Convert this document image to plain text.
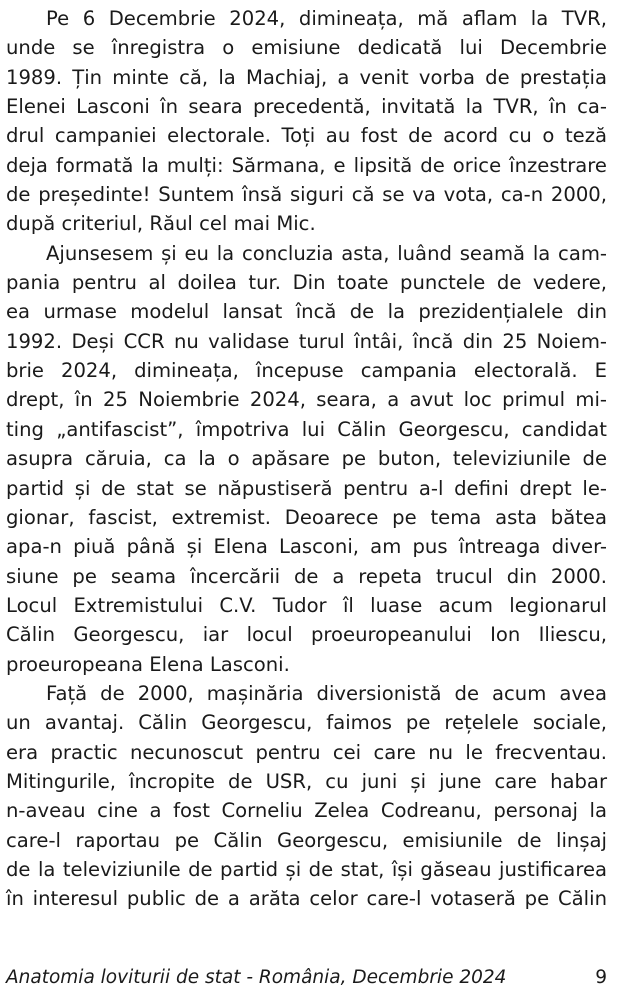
Pe 6 Decembrie 2024, dimineața, mă aflam la TVR,
unde se înregistra o emisiune dedicată lui Decembrie
1989. Țin minte că, la Machiaj, a venit vorba de prestația
Elenei Lasconi în seara precedentă, invitată la TVR, în ca-
drul campaniei electorale. Toți au fost de acord cu o teză
deja formată la mulți: Sărmana, e lipsită de orice înzestrare
de președinte! Suntem însă siguri că se va vota, ca-n 2000,
după criteriul, Răul cel mai Mic.
Ajunsesem și eu la concluzia asta, luând seamă la cam-
pania pentru al doilea tur. Din toate punctele de vedere,
ea urmase modelul lansat încă de la prezidențialele din
1992. Deși CCR nu validase turul întâi, încă din 25 Noiem-
brie 2024, dimineața, începuse campania electorală. E
drept, în 25 Noiembrie 2024, seara, a avut loc primul mi-
ting „antifascist”, împotriva lui Călin Georgescu, candidat
asupra căruia, ca la o apăsare pe buton, televiziunile de
partid și de stat se năpustiseră pentru a-l defini drept le-
gionar, fascist, extremist. Deoarece pe tema asta bătea
apa-n piuă până și Elena Lasconi, am pus întreaga diver-
siune pe seama încercării de a repeta trucul din 2000.
Locul Extremistului C.V. Tudor îl luase acum legionarul
Călin Georgescu, iar locul proeuropeanului Ion Iliescu,
proeuropeana Elena Lasconi.
Față de 2000, mașinăria diversionistă de acum avea
un avantaj. Călin Georgescu, faimos pe rețelele sociale,
era practic necunoscut pentru cei care nu le frecventau.
Mitingurile, încropite de USR, cu juni și june care habar
n-aveau cine a fost Corneliu Zelea Codreanu, personaj la
care-l raportau pe Călin Georgescu, emisiunile de linșaj
de la televiziunile de partid și de stat, își găseau justificarea
în interesul public de a arăta celor care-l votaseră pe Călin
Anatomia loviturii de stat - România, Decembrie 2024	9
